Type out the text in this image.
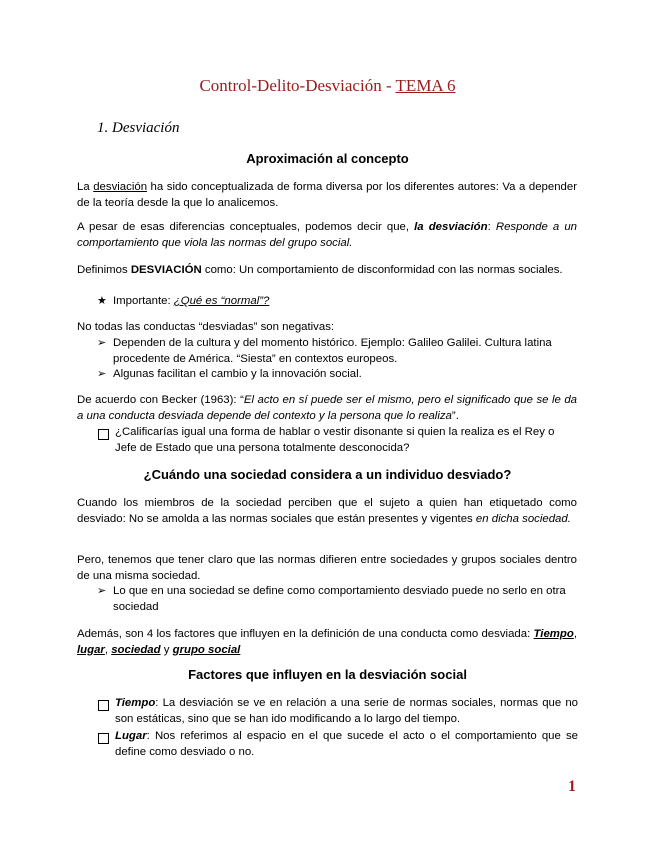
Control-Delito-Desviación - TEMA 6
1. Desviación
Aproximación al concepto
La desviación ha sido conceptualizada de forma diversa por los diferentes autores: Va a depender de la teoría desde la que lo analicemos.
A pesar de esas diferencias conceptuales, podemos decir que, la desviación: Responde a un comportamiento que viola las normas del grupo social.
Definimos DESVIACIÓN como: Un comportamiento de disconformidad con las normas sociales.
★ Importante: ¿Qué es “normal”?
No todas las conductas “desviadas” son negativas:
➢ Dependen de la cultura y del momento histórico. Ejemplo: Galileo Galilei. Cultura latina procedente de América. “Siesta” en contextos europeos.
➢ Algunas facilitan el cambio y la innovación social.
De acuerdo con Becker (1963): “El acto en sí puede ser el mismo, pero el significado que se le da a una conducta desviada depende del contexto y la persona que lo realiza”.
¿Calificarías igual una forma de hablar o vestir disonante si quien la realiza es el Rey o Jefe de Estado que una persona totalmente desconocida?
¿Cuándo una sociedad considera a un individuo desviado?
Cuando los miembros de la sociedad perciben que el sujeto a quien han etiquetado como desviado: No se amolda a las normas sociales que están presentes y vigentes en dicha sociedad.
Pero, tenemos que tener claro que las normas difieren entre sociedades y grupos sociales dentro de una misma sociedad.
➢ Lo que en una sociedad se define como comportamiento desviado puede no serlo en otra sociedad
Además, son 4 los factores que influyen en la definición de una conducta como desviada: Tiempo, lugar, sociedad y grupo social
Factores que influyen en la desviación social
Tiempo: La desviación se ve en relación a una serie de normas sociales, normas que no son estáticas, sino que se han ido modificando a lo largo del tiempo.
Lugar: Nos referimos al espacio en el que sucede el acto o el comportamiento que se define como desviado o no.
1
